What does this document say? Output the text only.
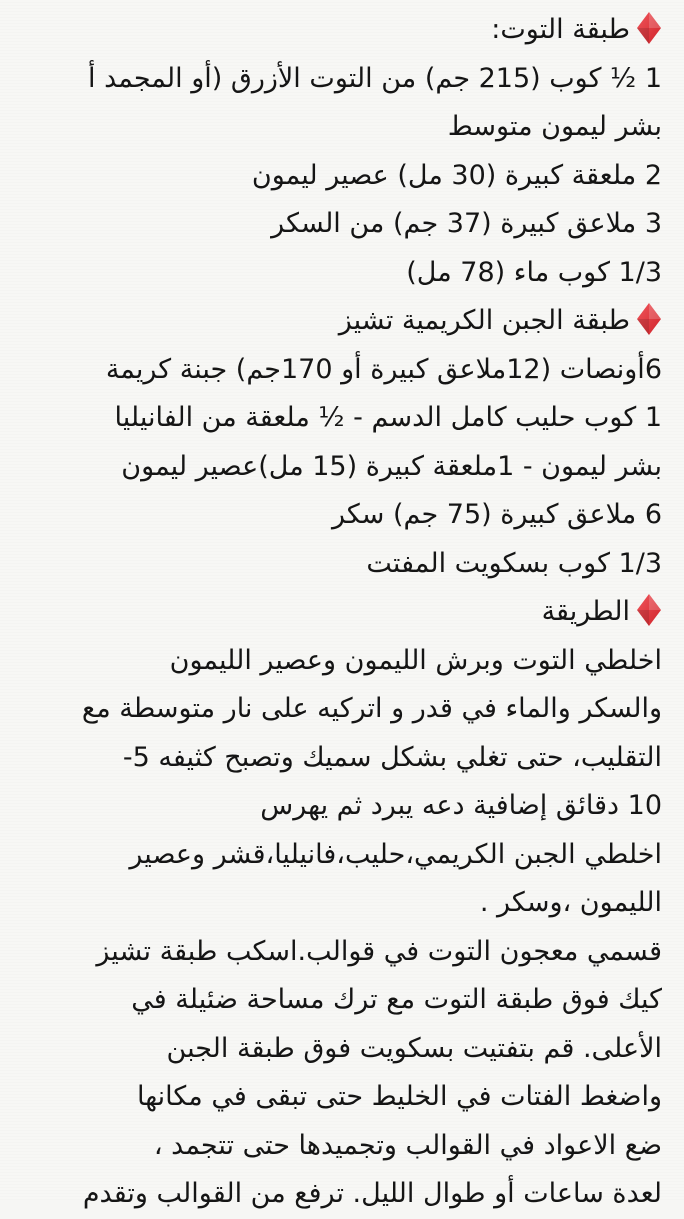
طبقة التوت:
1 ½ كوب (215 جم) من التوت الأزرق (أو المجمد أ
بشر ليمون متوسط
2 ملعقة كبيرة (30 مل) عصير ليمون
3 ملاعق كبيرة (37 جم) من السكر
1/3 كوب ماء (78 مل)
طبقة الجبن الكريمية تشيز
6أونصات (12ملاعق كبيرة أو 170جم) جبنة كريمة
1 كوب حليب كامل الدسم - ½ ملعقة من الفانيليا
بشر ليمون - 1ملعقة كبيرة (15 مل)عصير ليمون
6 ملاعق كبيرة (75 جم) سكر
1/3 كوب بسكويت المفتت
الطريقة
اخلطي التوت وبرش الليمون وعصير الليمون
والسكر والماء في قدر و اتركيه على نار متوسطة مع
التقليب، حتى تغلي بشكل سميك وتصبح كثيفه 5-
10 دقائق إضافية دعه يبرد ثم يهرس
اخلطي الجبن الكريمي،حليب،فانيليا،قشر وعصير
الليمون ،وسكر .
قسمي معجون التوت في قوالب.اسكب طبقة تشيز
كيك فوق طبقة التوت مع ترك مساحة ضئيلة في
الأعلى. قم بتفتيت بسكويت فوق طبقة الجبن
واضغط الفتات في الخليط حتى تبقى في مكانها
ضع الاعواد في القوالب وتجميدها حتى تتجمد ،
لعدة ساعات أو طوال الليل. ترفع من القوالب وتقدم
